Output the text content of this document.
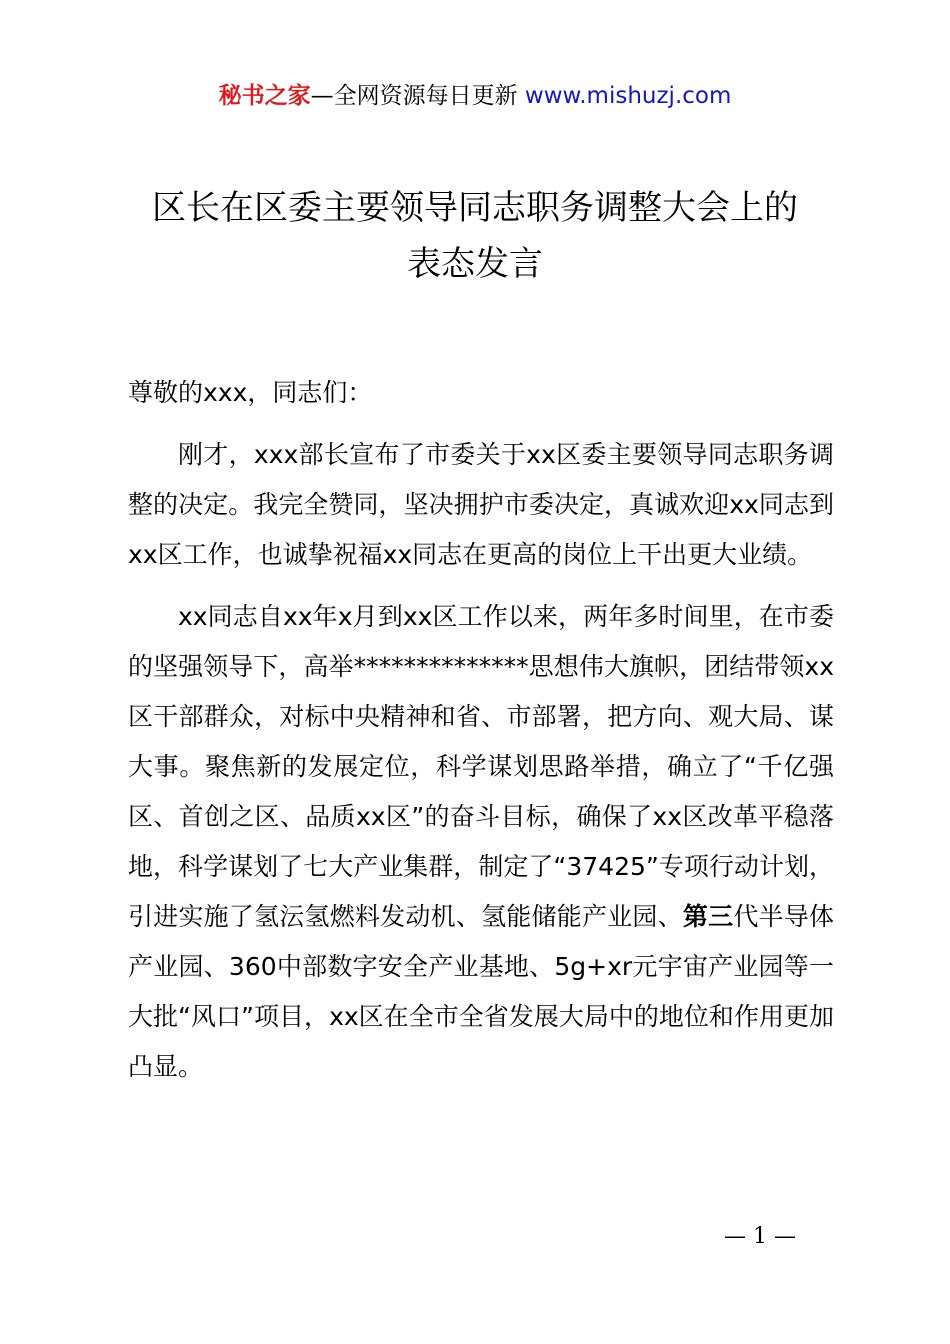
秘书之家—全网资源每日更新 www.mishuzj.com
区长在区委主要领导同志职务调整大会上的
表态发言

尊敬的xxx，同志们：

刚才，xxx部长宣布了市委关于xx区委主要领导同志职务调整的决定。我完全赞同，坚决拥护市委决定，真诚欢迎xx同志到xx区工作，也诚挚祝福xx同志在更高的岗位上干出更大业绩。

xx同志自xx年x月到xx区工作以来，两年多时间里，在市委的坚强领导下，高举**************思想伟大旗帜，团结带领xx区干部群众，对标中央精神和省、市部署，把方向、观大局、谋大事。聚焦新的发展定位，科学谋划思路举措，确立了“千亿强区、首创之区、品质xx区”的奋斗目标，确保了xx区改革平稳落地，科学谋划了七大产业集群，制定了“37425”专项行动计划，引进实施了氢沄氢燃料发动机、氢能储能产业园、第三代半导体产业园、360中部数字安全产业基地、5g+xr元宇宙产业园等一大批“风口”项目，xx区在全市全省发展大局中的地位和作用更加凸显。

— 1 —
